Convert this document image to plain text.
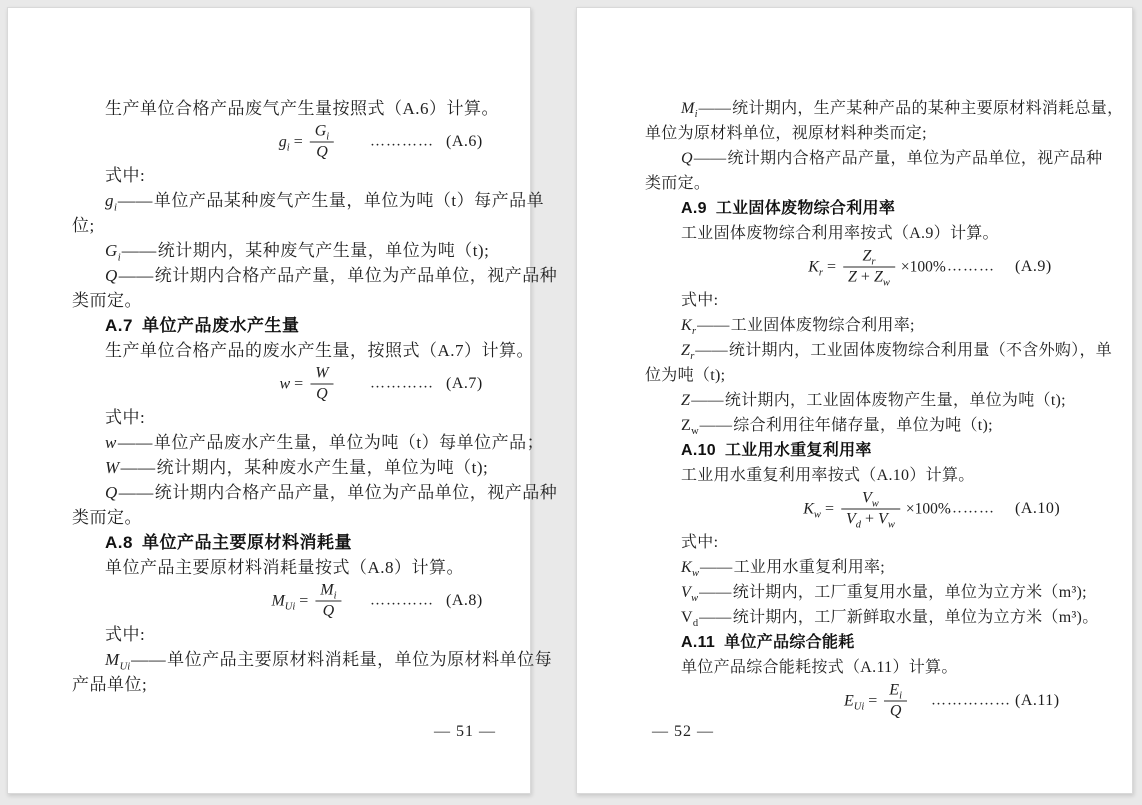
生产单位合格产品废气产生量按照式（A.6）计算。
$g_i = \frac{G_i}{Q}$	………… (A.6)
式中:
$g_i——$单位产品某种废气产生量，单位为吨（t）每产品单
位;
$G_i——$统计期内，某种废气产生量，单位为吨（t);
Q——统计期内合格产品产量，单位为产品单位，视产品种
类而定。
A.7 单位产品废水产生量
生产单位合格产品的废水产生量，按照式（A.7）计算。
$w = \frac{W}{Q}$	………… (A.7)
式中:
w——单位产品废水产生量，单位为吨（t）每单位产品；
W——统计期内，某种废水产生量，单位为吨（t);
Q——统计期内合格产品产量，单位为产品单位，视产品种
类而定。
A.8 单位产品主要原材料消耗量
单位产品主要原材料消耗量按式（A.8）计算。
$M_{Ui} = \frac{M_i}{Q}$	………… (A.8)
式中:
$M_{Ui}——$单位产品主要原材料消耗量，单位为原材料单位每
产品单位;
— 51 —
$M_i——$统计期内，生产某种产品的某种主要原材料消耗总量，
单位为原材料单位，视原材料种类而定;
Q——统计期内合格产品产量，单位为产品单位，视产品种
类而定。
A.9 工业固体废物综合利用率
工业固体废物综合利用率按式（A.9）计算。
$K_r = \frac{Z_r}{Z + Z_w} \times 100\%$ ………	(A.9)
式中:
$K_r——$工业固体废物综合利用率;
$Z_r——$统计期内，工业固体废物综合利用量（不含外购），单
位为吨（t);
Z——统计期内，工业固体废物产生量，单位为吨（t);
$Z_w——$综合利用往年储存量，单位为吨（t);
A.10 工业用水重复利用率
工业用水重复利用率按式（A.10）计算。
$K_w = \frac{V_w}{V_d + V_w} \times 100\%$
………	(A.10)
式中:
$K_w——$工业用水重复利用率;
$V_w——$统计期内，工厂重复用水量，单位为立方米（m³);
$V_d——$统计期内，工厂新鲜取水量，单位为立方米（m³)。
A.11 单位产品综合能耗
单位产品综合能耗按式（A.11）计算。
$E_{Ui} = \frac{E_i}{Q}$ …………… (A.11)
— 52 —
